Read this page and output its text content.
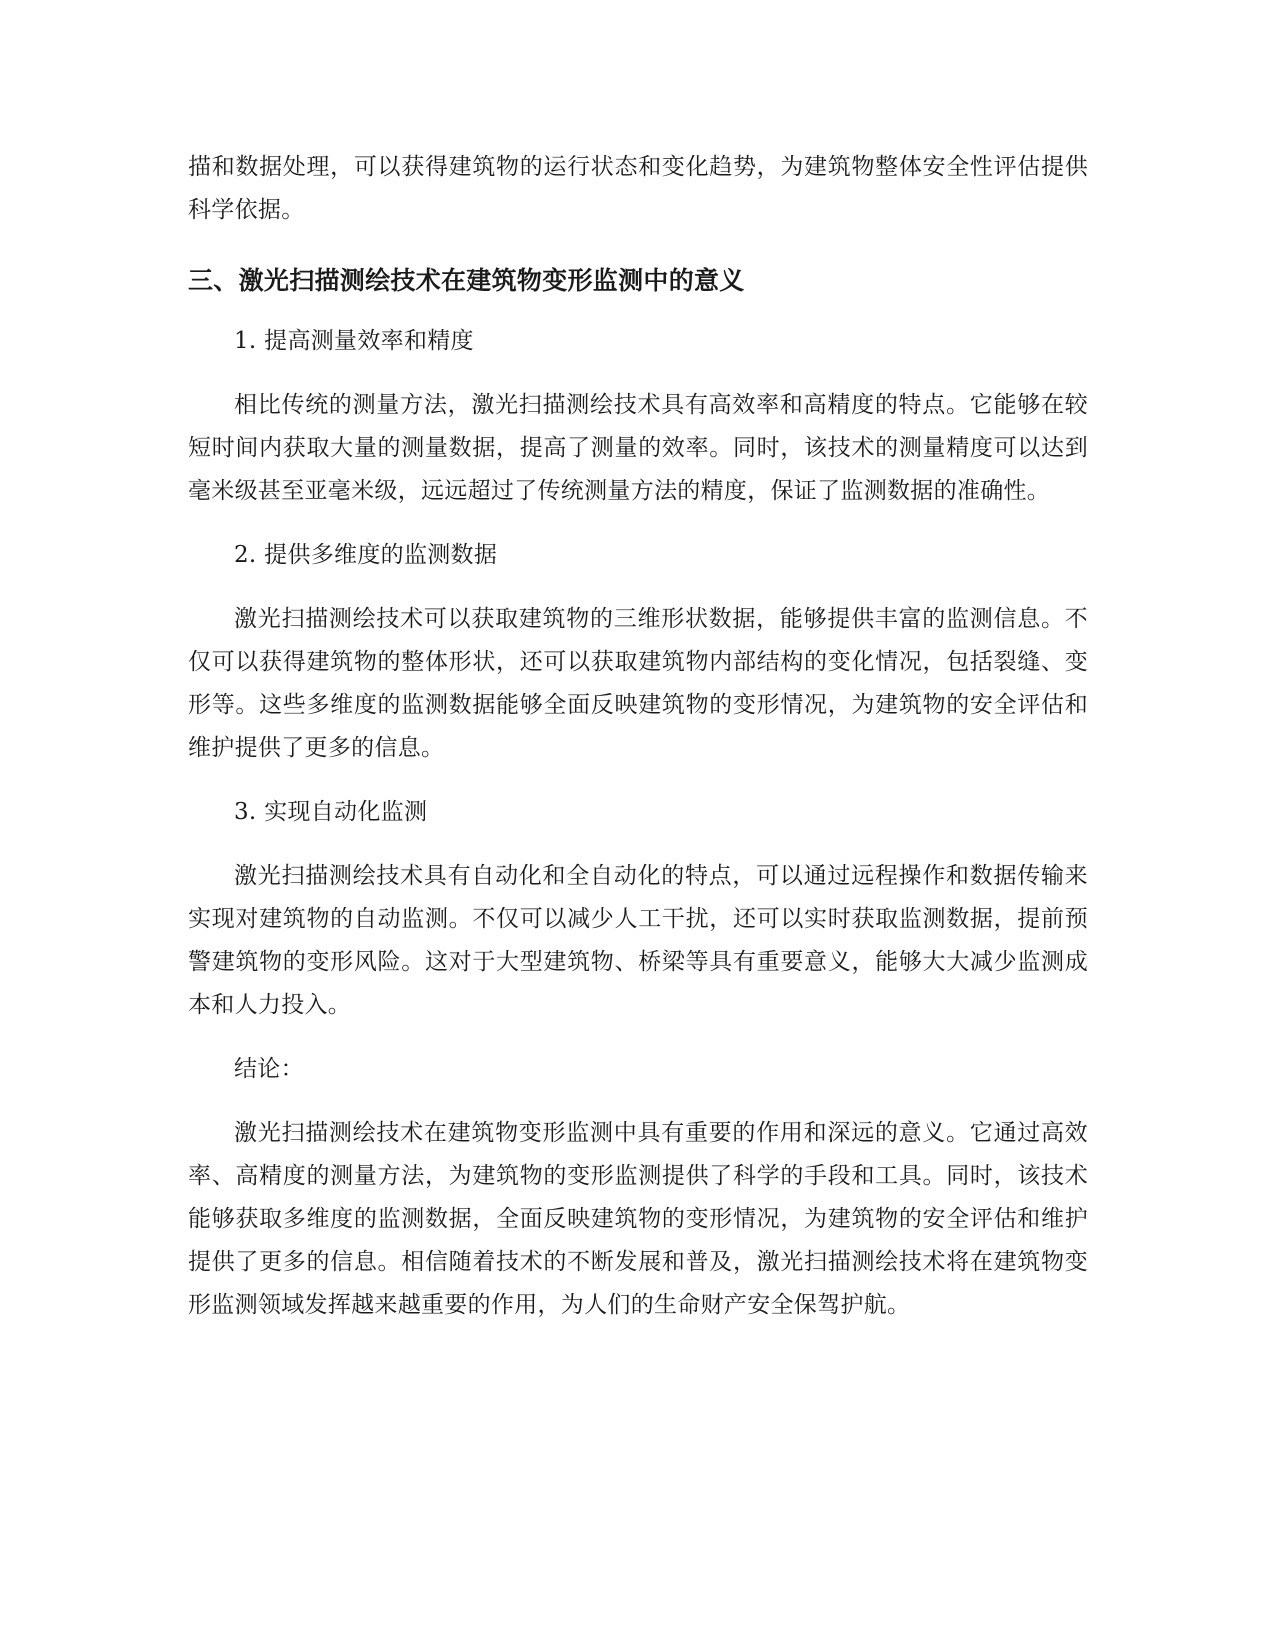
描和数据处理，可以获得建筑物的运行状态和变化趋势，为建筑物整体安全性评估提供科学依据。

三、激光扫描测绘技术在建筑物变形监测中的意义

1. 提高测量效率和精度

相比传统的测量方法，激光扫描测绘技术具有高效率和高精度的特点。它能够在较短时间内获取大量的测量数据，提高了测量的效率。同时，该技术的测量精度可以达到毫米级甚至亚毫米级，远远超过了传统测量方法的精度，保证了监测数据的准确性。

2. 提供多维度的监测数据

激光扫描测绘技术可以获取建筑物的三维形状数据，能够提供丰富的监测信息。不仅可以获得建筑物的整体形状，还可以获取建筑物内部结构的变化情况，包括裂缝、变形等。这些多维度的监测数据能够全面反映建筑物的变形情况，为建筑物的安全评估和维护提供了更多的信息。

3. 实现自动化监测

激光扫描测绘技术具有自动化和全自动化的特点，可以通过远程操作和数据传输来实现对建筑物的自动监测。不仅可以减少人工干扰，还可以实时获取监测数据，提前预警建筑物的变形风险。这对于大型建筑物、桥梁等具有重要意义，能够大大减少监测成本和人力投入。

结论：

激光扫描测绘技术在建筑物变形监测中具有重要的作用和深远的意义。它通过高效率、高精度的测量方法，为建筑物的变形监测提供了科学的手段和工具。同时，该技术能够获取多维度的监测数据，全面反映建筑物的变形情况，为建筑物的安全评估和维护提供了更多的信息。相信随着技术的不断发展和普及，激光扫描测绘技术将在建筑物变形监测领域发挥越来越重要的作用，为人们的生命财产安全保驾护航。
